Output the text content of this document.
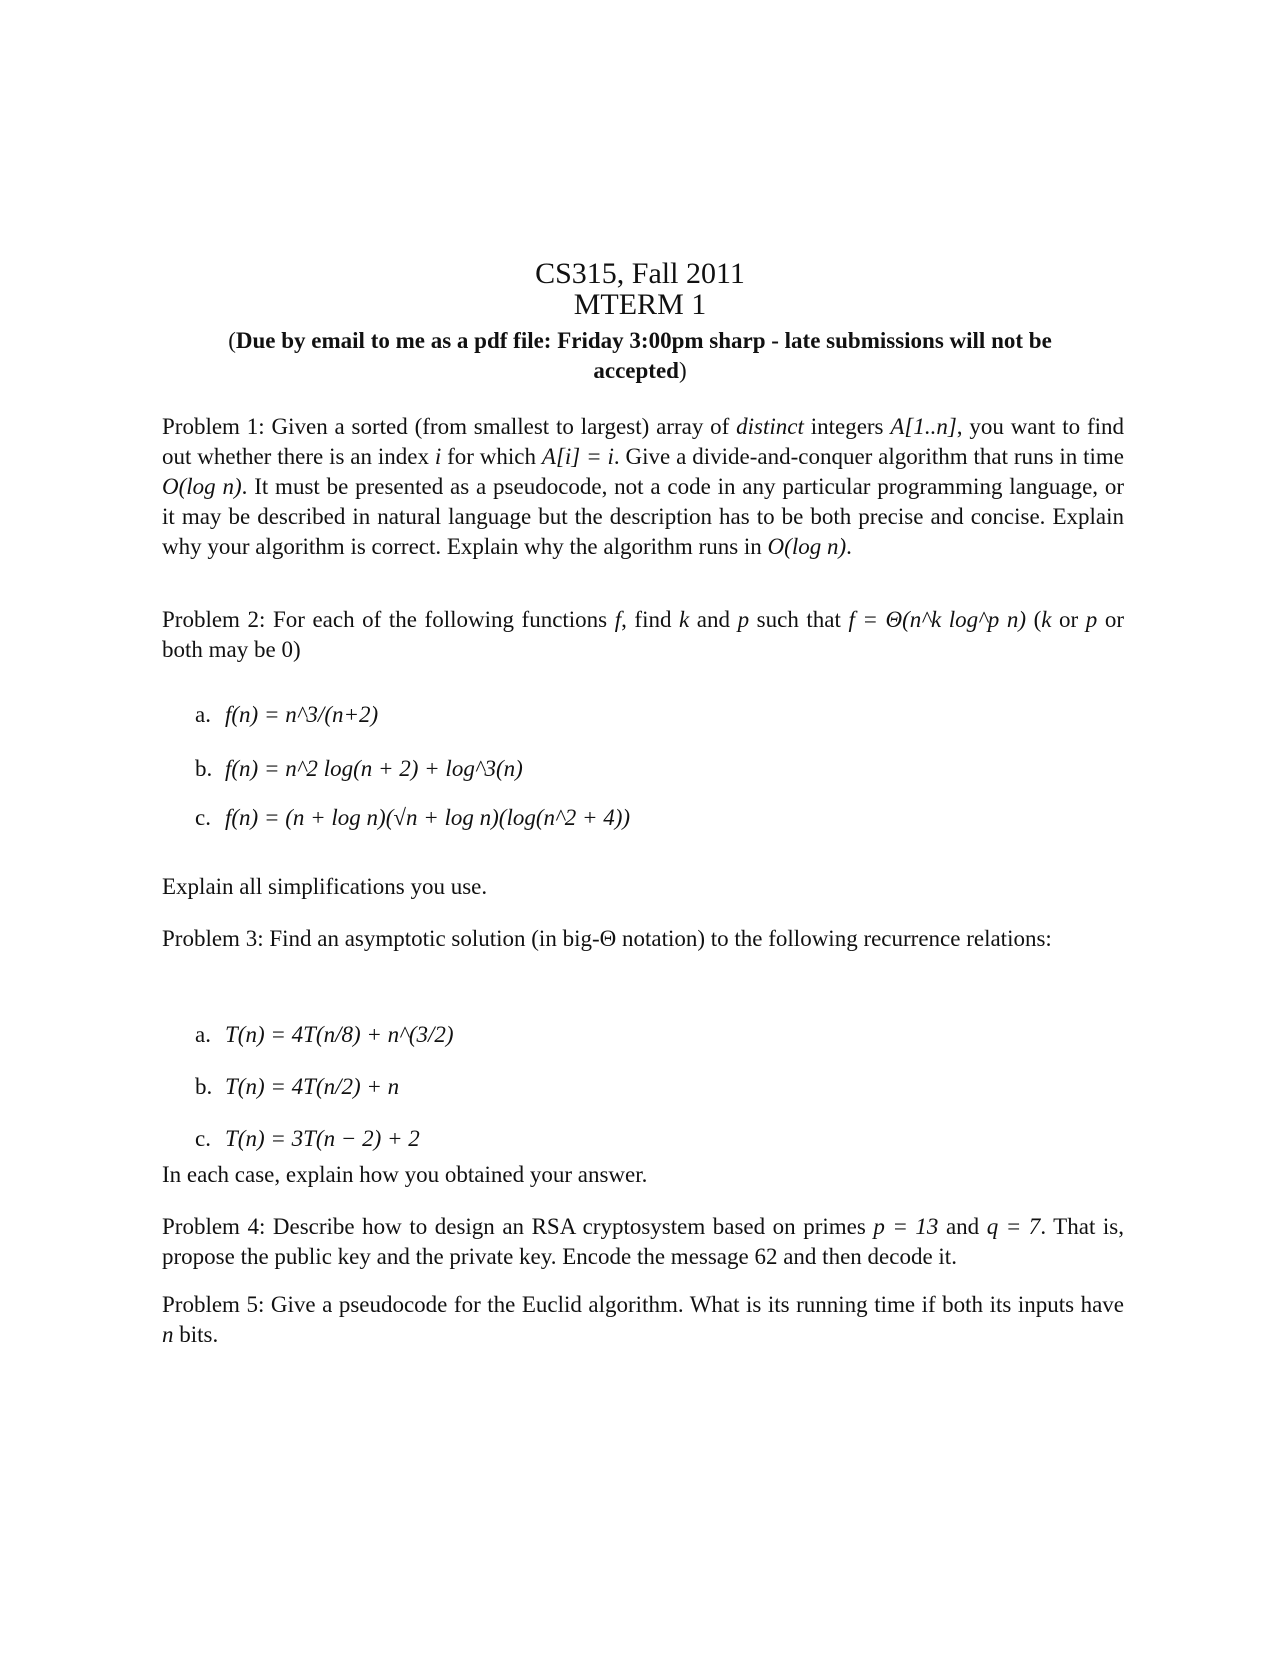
CS315, Fall 2011
MTERM 1
(Due by email to me as a pdf file: Friday 3:00pm sharp - late submissions will not be accepted)
Problem 1: Given a sorted (from smallest to largest) array of distinct integers A[1..n], you want to find out whether there is an index i for which A[i] = i. Give a divide-and-conquer algorithm that runs in time O(log n). It must be presented as a pseudocode, not a code in any particular programming language, or it may be described in natural language but the description has to be both precise and concise. Explain why your algorithm is correct. Explain why the algorithm runs in O(log n).
Problem 2: For each of the following functions f, find k and p such that f = Θ(n^k log^p n) (k or p or both may be 0)
a. f(n) = n^3/(n+2)
b. f(n) = n^2 log(n + 2) + log^3(n)
c. f(n) = (n + log n)(√n + log n)(log(n^2 + 4))
Explain all simplifications you use.
Problem 3: Find an asymptotic solution (in big-Θ notation) to the following recurrence relations:
a. T(n) = 4T(n/8) + n^(3/2)
b. T(n) = 4T(n/2) + n
c. T(n) = 3T(n − 2) + 2
In each case, explain how you obtained your answer.
Problem 4: Describe how to design an RSA cryptosystem based on primes p = 13 and q = 7. That is, propose the public key and the private key. Encode the message 62 and then decode it.
Problem 5: Give a pseudocode for the Euclid algorithm. What is its running time if both its inputs have n bits.
